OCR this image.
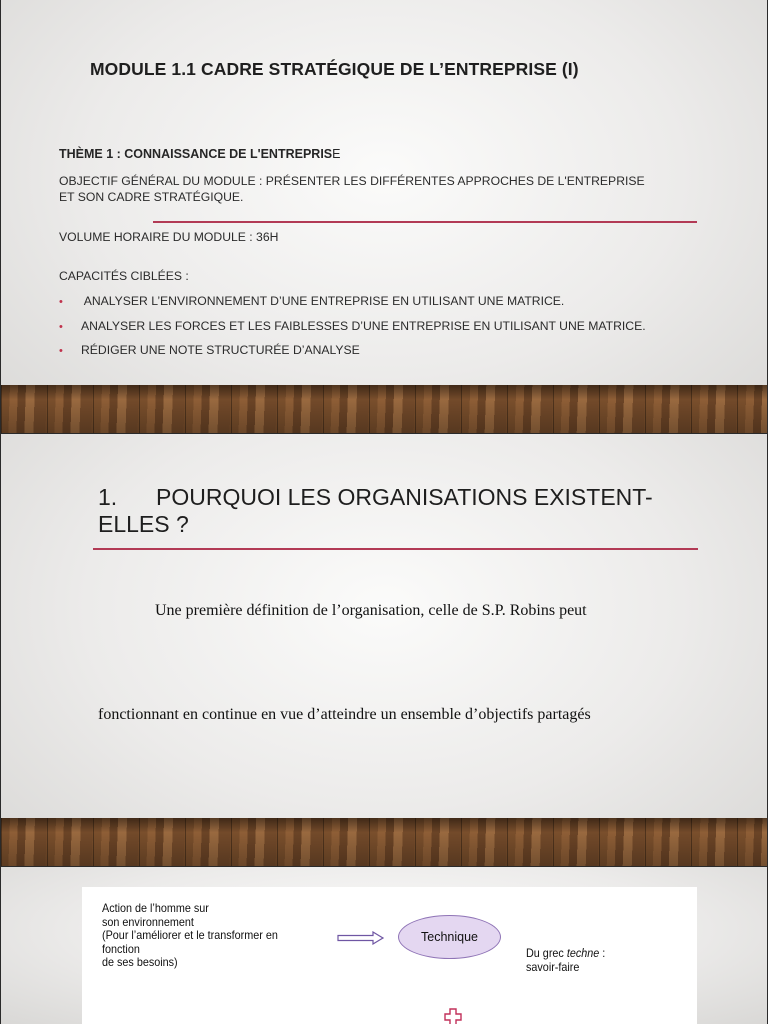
MODULE 1.1 CADRE STRATÉGIQUE DE L’ENTREPRISE (I)

THÈME 1 : CONNAISSANCE DE L'ENTREPRISE

OBJECTIF GÉNÉRAL DU MODULE : PRÉSENTER LES DIFFÉRENTES APPROCHES DE L'ENTREPRISE ET SON CADRE STRATÉGIQUE.

VOLUME HORAIRE DU MODULE : 36H

CAPACITÉS CIBLÉES :

• ANALYSER L’ENVIRONNEMENT D’UNE ENTREPRISE EN UTILISANT UNE MATRICE.
• ANALYSER LES FORCES ET LES FAIBLESSES D’UNE ENTREPRISE EN UTILISANT UNE MATRICE.
• RÉDIGER UNE NOTE STRUCTURÉE D’ANALYSE
1. POURQUOI LES ORGANISATIONS EXISTENT-ELLES ?

Une première définition de l’organisation, celle de S.P. Robins peut

fonctionnant en continue en vue d’atteindre un ensemble d’objectifs partagés

Action de l’homme sur
son environnement
(Pour l’améliorer et le transformer en fonction
de ses besoins)

Technique

Du grec techne :
savoir-faire
